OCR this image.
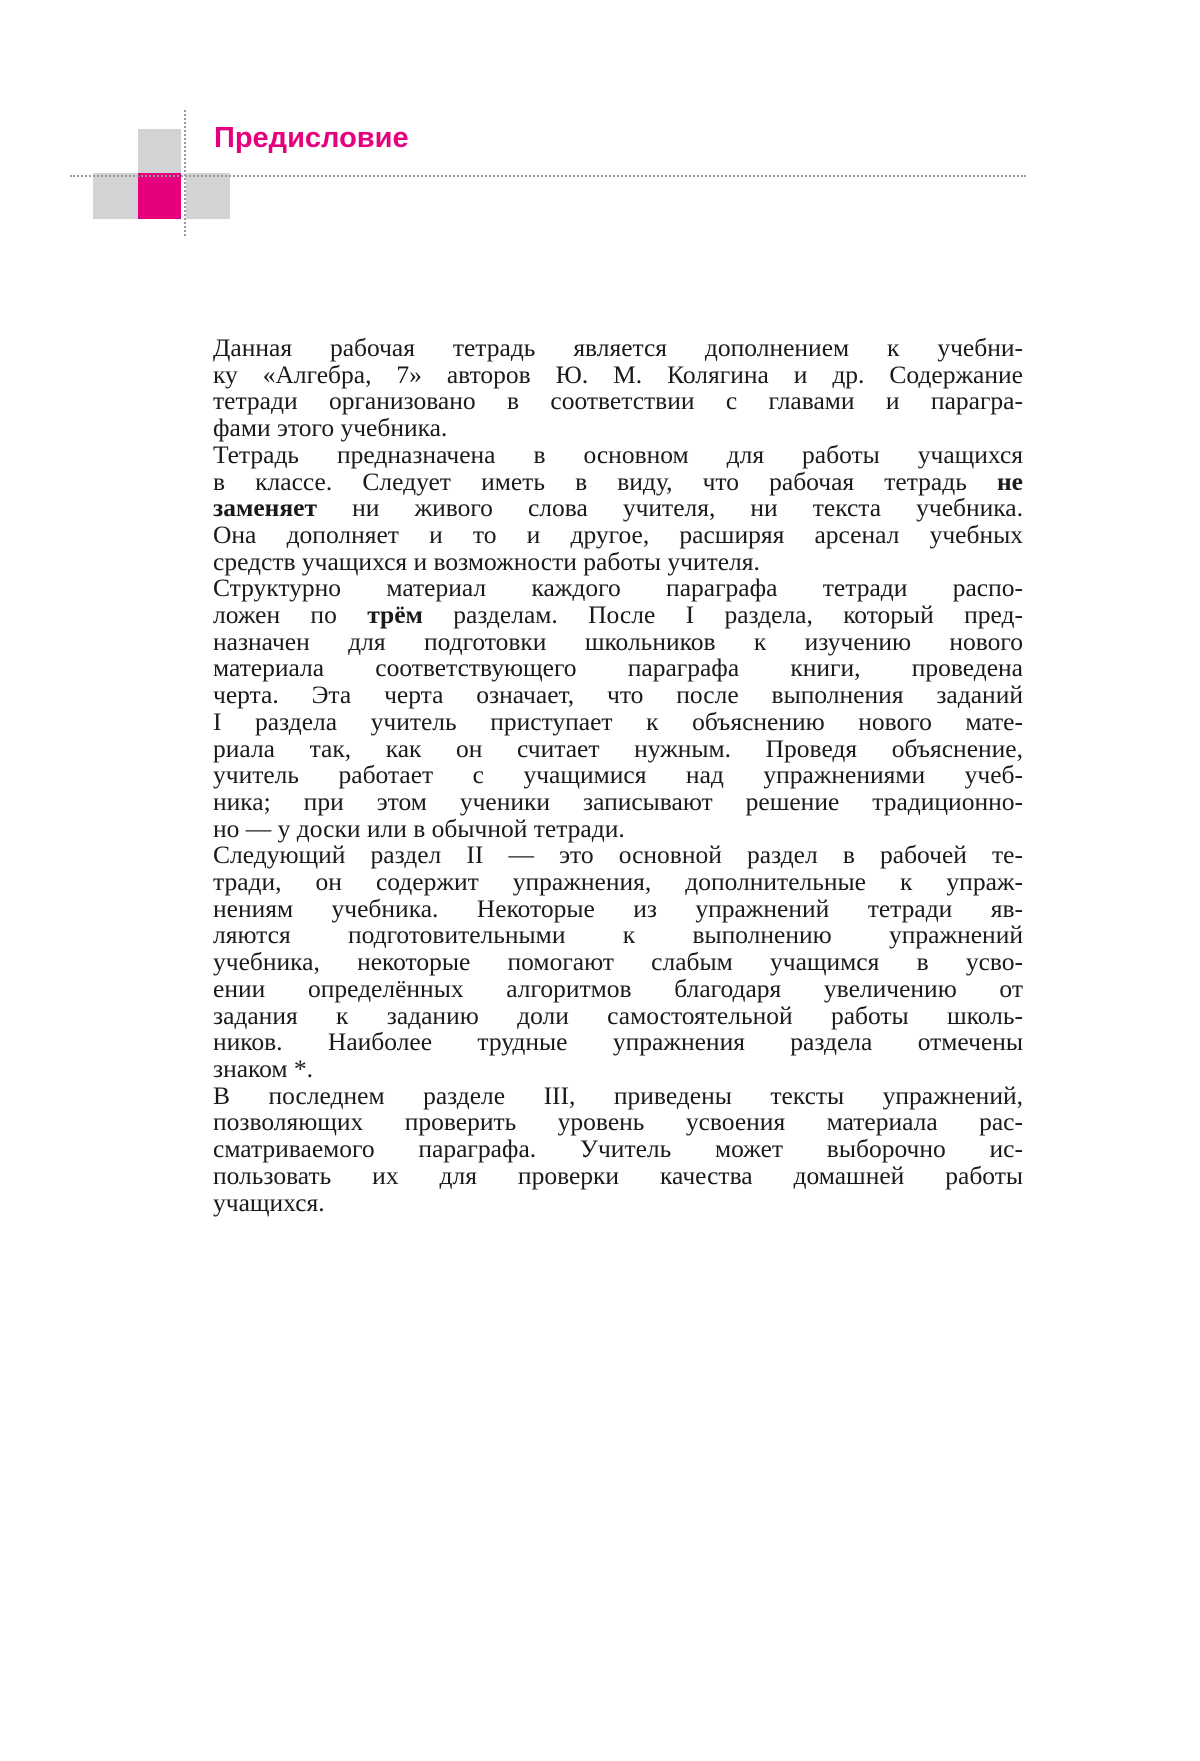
Предисловие
Данная рабочая тетрадь является дополнением к учебни-
ку «Алгебра, 7» авторов Ю. М. Колягина и др. Содержание
тетради организовано в соответствии с главами и парагра-
фами этого учебника.
Тетрадь предназначена в основном для работы учащихся
в классе. Следует иметь в виду, что рабочая тетрадь не
заменяет ни живого слова учителя, ни текста учебника.
Она дополняет и то и другое, расширяя арсенал учебных
средств учащихся и возможности работы учителя.
Структурно материал каждого параграфа тетради распо-
ложен по трём разделам. После I раздела, который пред-
назначен для подготовки школьников к изучению нового
материала соответствующего параграфа книги, проведена
черта. Эта черта означает, что после выполнения заданий
I раздела учитель приступает к объяснению нового мате-
риала так, как он считает нужным. Проведя объяснение,
учитель работает с учащимися над упражнениями учеб-
ника; при этом ученики записывают решение традиционно-
но — у доски или в обычной тетради.
Следующий раздел II — это основной раздел в рабочей те-
тради, он содержит упражнения, дополнительные к упраж-
нениям учебника. Некоторые из упражнений тетради яв-
ляются подготовительными к выполнению упражнений
учебника, некоторые помогают слабым учащимся в усво-
ении определённых алгоритмов благодаря увеличению от
задания к заданию доли самостоятельной работы школь-
ников. Наиболее трудные упражнения раздела отмечены
знаком *.
В последнем разделе III, приведены тексты упражнений,
позволяющих проверить уровень усвоения материала рас-
сматриваемого параграфа. Учитель может выборочно ис-
пользовать их для проверки качества домашней работы
учащихся.
